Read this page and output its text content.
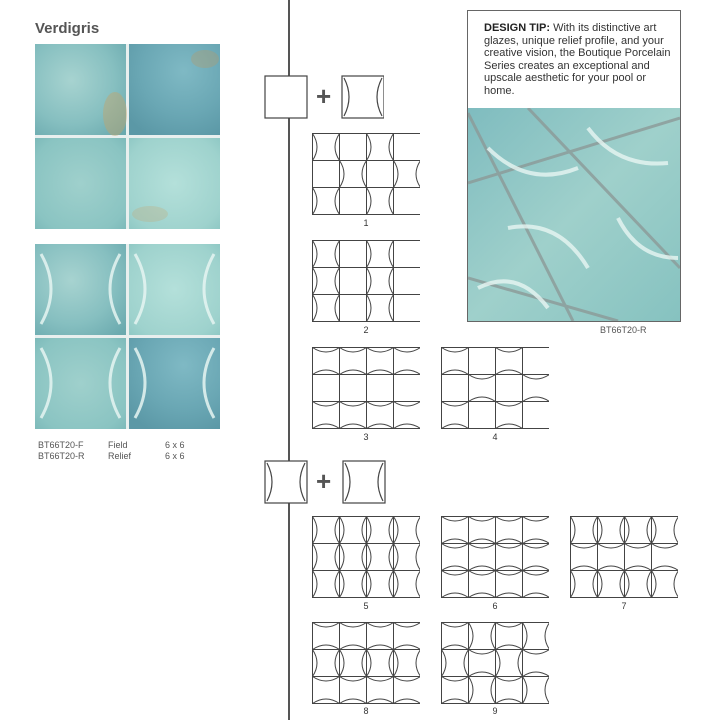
Verdigris
BT66T20-F	Field	6 x 6
BT66T20-R	Relief	6 x 6
+
+
1
2
3	4
5	6	7
8	9
DESIGN TIP: With its distinctive art glazes, unique relief profile, and your creative vision, the Boutique Porcelain Series creates an exceptional and upscale aesthetic for your pool or home.
BT66T20-R
